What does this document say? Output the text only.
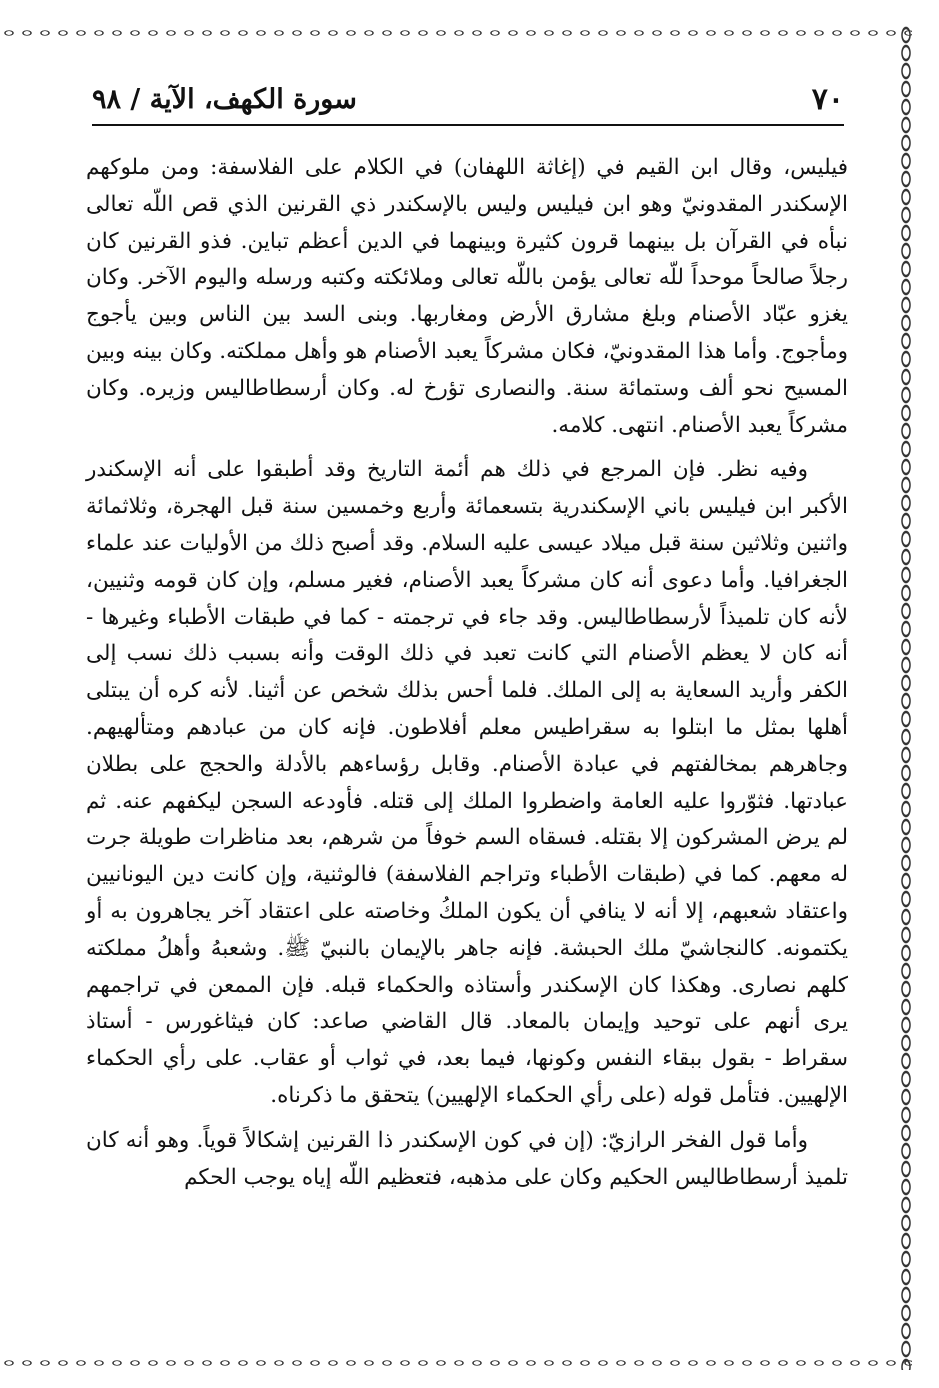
٧٠
سورة الكهف، الآية / ٩٨

فيليس، وقال ابن القيم في (إغاثة اللهفان) في الكلام على الفلاسفة: ومن ملوكهم الإسكندر المقدونيّ وهو ابن فيليس وليس بالإسكندر ذي القرنين الذي قص اللّه تعالى نبأه في القرآن بل بينهما قرون كثيرة وبينهما في الدين أعظم تباين. فذو القرنين كان رجلاً صالحاً موحداً للّه تعالى يؤمن باللّه تعالى وملائكته وكتبه ورسله واليوم الآخر. وكان يغزو عبّاد الأصنام وبلغ مشارق الأرض ومغاربها. وبنى السد بين الناس وبين يأجوج ومأجوج. وأما هذا المقدونيّ، فكان مشركاً يعبد الأصنام هو وأهل مملكته. وكان بينه وبين المسيح نحو ألف وستمائة سنة. والنصارى تؤرخ له. وكان أرسطاطاليس وزيره. وكان مشركاً يعبد الأصنام. انتهى. كلامه.

وفيه نظر. فإن المرجع في ذلك هم أئمة التاريخ وقد أطبقوا على أنه الإسكندر الأكبر ابن فيليس باني الإسكندرية بتسعمائة وأربع وخمسين سنة قبل الهجرة، وثلاثمائة واثنين وثلاثين سنة قبل ميلاد عيسى عليه السلام. وقد أصبح ذلك من الأوليات عند علماء الجغرافيا. وأما دعوى أنه كان مشركاً يعبد الأصنام، فغير مسلم، وإن كان قومه وثنيين، لأنه كان تلميذاً لأرسطاطاليس. وقد جاء في ترجمته - كما في طبقات الأطباء وغيرها - أنه كان لا يعظم الأصنام التي كانت تعبد في ذلك الوقت وأنه بسبب ذلك نسب إلى الكفر وأريد السعاية به إلى الملك. فلما أحس بذلك شخص عن أثينا. لأنه كره أن يبتلى أهلها بمثل ما ابتلوا به سقراطيس معلم أفلاطون. فإنه كان من عبادهم ومتألهيهم. وجاهرهم بمخالفتهم في عبادة الأصنام. وقابل رؤساءهم بالأدلة والحجج على بطلان عبادتها. فثوّروا عليه العامة واضطروا الملك إلى قتله. فأودعه السجن ليكفهم عنه. ثم لم يرض المشركون إلا بقتله. فسقاه السم خوفاً من شرهم، بعد مناظرات طويلة جرت له معهم. كما في (طبقات الأطباء وتراجم الفلاسفة) فالوثنية، وإن كانت دين اليونانيين واعتقاد شعبهم، إلا أنه لا ينافي أن يكون الملكُ وخاصته على اعتقاد آخر يجاهرون به أو يكتمونه. كالنجاشيّ ملك الحبشة. فإنه جاهر بالإيمان بالنبيّ ﷺ. وشعبهُ وأهلُ مملكته كلهم نصارى. وهكذا كان الإسكندر وأستاذه والحكماء قبله. فإن الممعن في تراجمهم يرى أنهم على توحيد وإيمان بالمعاد. قال القاضي صاعد: كان فيثاغورس - أستاذ سقراط - بقول ببقاء النفس وكونها، فيما بعد، في ثواب أو عقاب. على رأي الحكماء الإلهيين. فتأمل قوله (على رأي الحكماء الإلهيين) يتحقق ما ذكرناه.

وأما قول الفخر الرازيّ: (إن في كون الإسكندر ذا القرنين إشكالاً قوياً. وهو أنه كان تلميذ أرسطاطاليس الحكيم وكان على مذهبه، فتعظيم اللّه إياه يوجب الحكم
